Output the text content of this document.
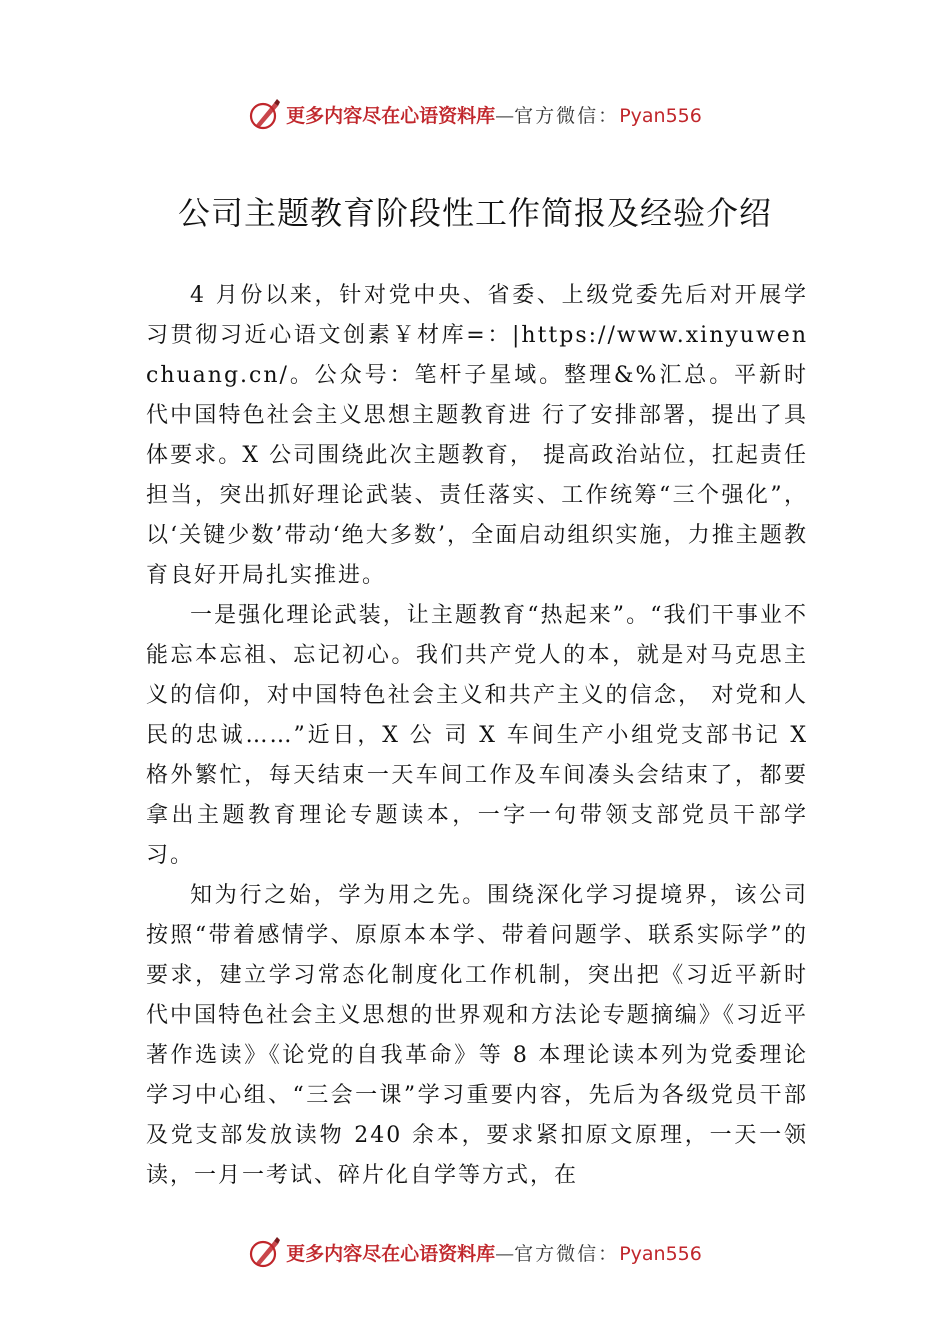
更多内容尽在心语资料库—官方微信：Pyan556
公司主题教育阶段性工作简报及经验介绍

4 月份以来，针对党中央、省委、上级党委先后对开展学习贯彻习近心语文创素￥材库=：|https://www.xinyuwenchuang.cn/。公众号：笔杆子星域。整理&%汇总。平新时代中国特色社会主义思想主题教育进 行了安排部署，提出了具体要求。X 公司围绕此次主题教育， 提高政治站位，扛起责任担当，突出抓好理论武装、责任落实、工作统筹“三个强化”，以‘关键少数’带动‘绝大多数’，全面启动组织实施，力推主题教育良好开局扎实推进。

一是强化理论武装，让主题教育“热起来”。“我们干事业不能忘本忘祖、忘记初心。我们共产党人的本，就是对马克思主义的信仰，对中国特色社会主义和共产主义的信念， 对党和人民的忠诚……”近日，X 公 司 X 车间生产小组党支部书记 X 格外繁忙，每天结束一天车间工作及车间凑头会结束了，都要拿出主题教育理论专题读本，一字一句带领支部党员干部学习。

知为行之始，学为用之先。围绕深化学习提境界，该公司按照“带着感情学、原原本本学、带着问题学、联系实际学”的要求，建立学习常态化制度化工作机制，突出把《习近平新时代中国特色社会主义思想的世界观和方法论专题摘编》《习近平著作选读》《论党的自我革命》等 8 本理论读本列为党委理论学习中心组、“三会一课”学习重要内容，先后为各级党员干部及党支部发放读物 240 余本，要求紧扣原文原理，一天一领读，一月一考试、碎片化自学等方式，在

更多内容尽在心语资料库—官方微信：Pyan556
